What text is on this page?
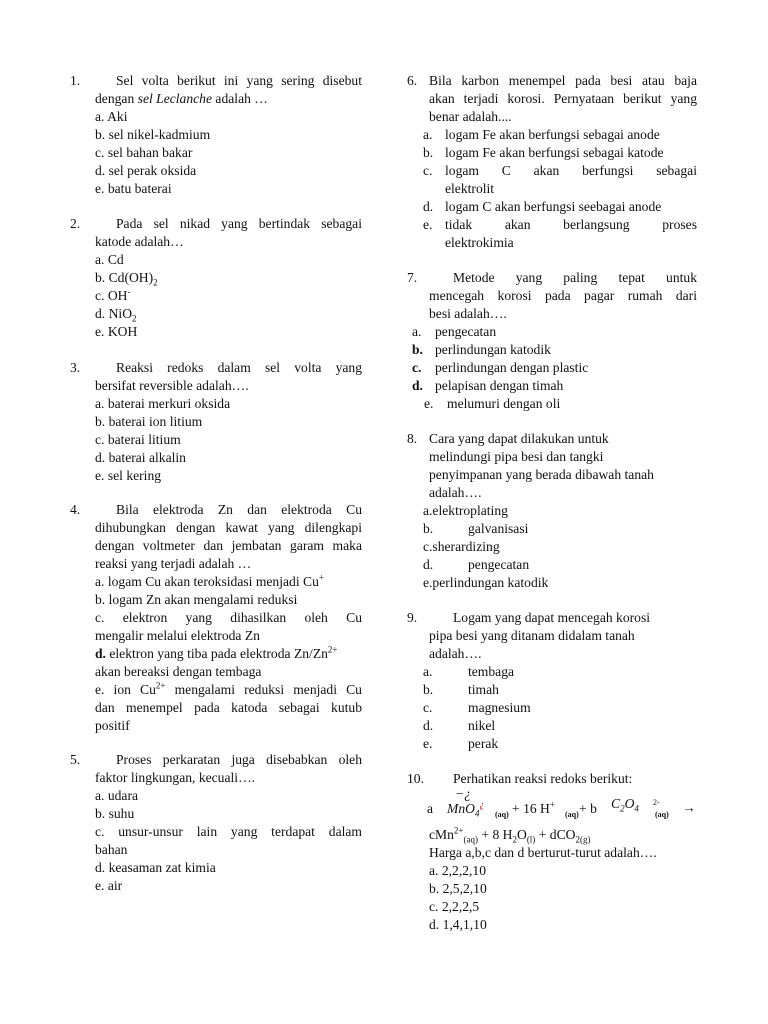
1.	Sel volta berikut ini yang sering disebut
dengan sel Leclanche adalah …
a. Aki
b. sel nikel-kadmium
c. sel bahan bakar
d. sel perak oksida
e. batu baterai
2.	Pada sel nikad yang bertindak sebagai
katode adalah…
a. Cd
b. $Cd(OH)_2$
c. OH-
d. NiO$_2$
e. KOH
3.	Reaksi redoks dalam sel volta yang
bersifat reversible adalah….
a. baterai merkuri oksida
b. baterai ion litium
c. baterai litium
d. baterai alkalin
e. sel kering
4.	Bila elektroda Zn dan elektroda Cu
dihubungkan dengan kawat yang dilengkapi
dengan voltmeter dan jembatan garam maka
reaksi yang terjadi adalah …
a. logam Cu akan teroksidasi menjadi Cu+
b. logam Zn akan mengalami reduksi
c. elektron yang dihasilkan oleh Cu
mengalir melalui elektroda Zn
d. elektron yang tiba pada elektroda $Zn/Zn^{2+}$
akan bereaksi dengan tembaga
e. ion $Cu^{2+}$ mengalami reduksi menjadi Cu
dan menempel pada katoda sebagai kutub
positif
5.	Proses perkaratan juga disebabkan oleh
faktor lingkungan, kecuali….
a. udara
b. suhu
c. unsur-unsur lain yang terdapat dalam
bahan
d. keasaman zat kimia
e. air
6. Bila karbon menempel pada besi atau baja
akan terjadi korosi. Pernyataan berikut yang
benar adalah....
a. logam Fe akan berfungsi sebagai anode
b. logam Fe akan berfungsi sebagai katode
c. logam C akan berfungsi sebagai
elektrolit
d. logam C akan berfungsi seebagai anode
e. tidak akan berlangsung proses
elektrokimia
7.	Metode yang paling tepat untuk
mencegah korosi pada pagar rumah dari
besi adalah….
a. pengecatan
b. perlindungan katodik
c. perlindungan dengan plastic
d. pelapisan dengan timah
e. melumuri dengan oli
8. Cara yang dapat dilakukan untuk
melindungi pipa besi dan tangki
penyimpanan yang berada dibawah tanah
adalah….
a.elektroplating
b.	galvanisasi
c.sherardizing
d.	pengecatan
e.perlindungan katodik
9.	Logam yang dapat mencegah korosi
pipa besi yang ditanam didalam tanah
adalah….
a.	tembaga
b.	timah
c.	magnesium
d.	nikel
e.	perak
10. Perhatikan reaksi redoks berikut:
−¿
a MnO$_4$¿
(aq) + 16 H+
(aq) + b $C_2O_4$
2-
(aq) →
cMn$^{2+}_{(aq)}$ + 8 $H_2O_{(l)} + dCO_{2(g)}$
Harga a,b,c dan d berturut-turut adalah….
a. 2,2,2,10
b. 2,5,2,10
c. 2,2,2,5
d. 1,4,1,10
